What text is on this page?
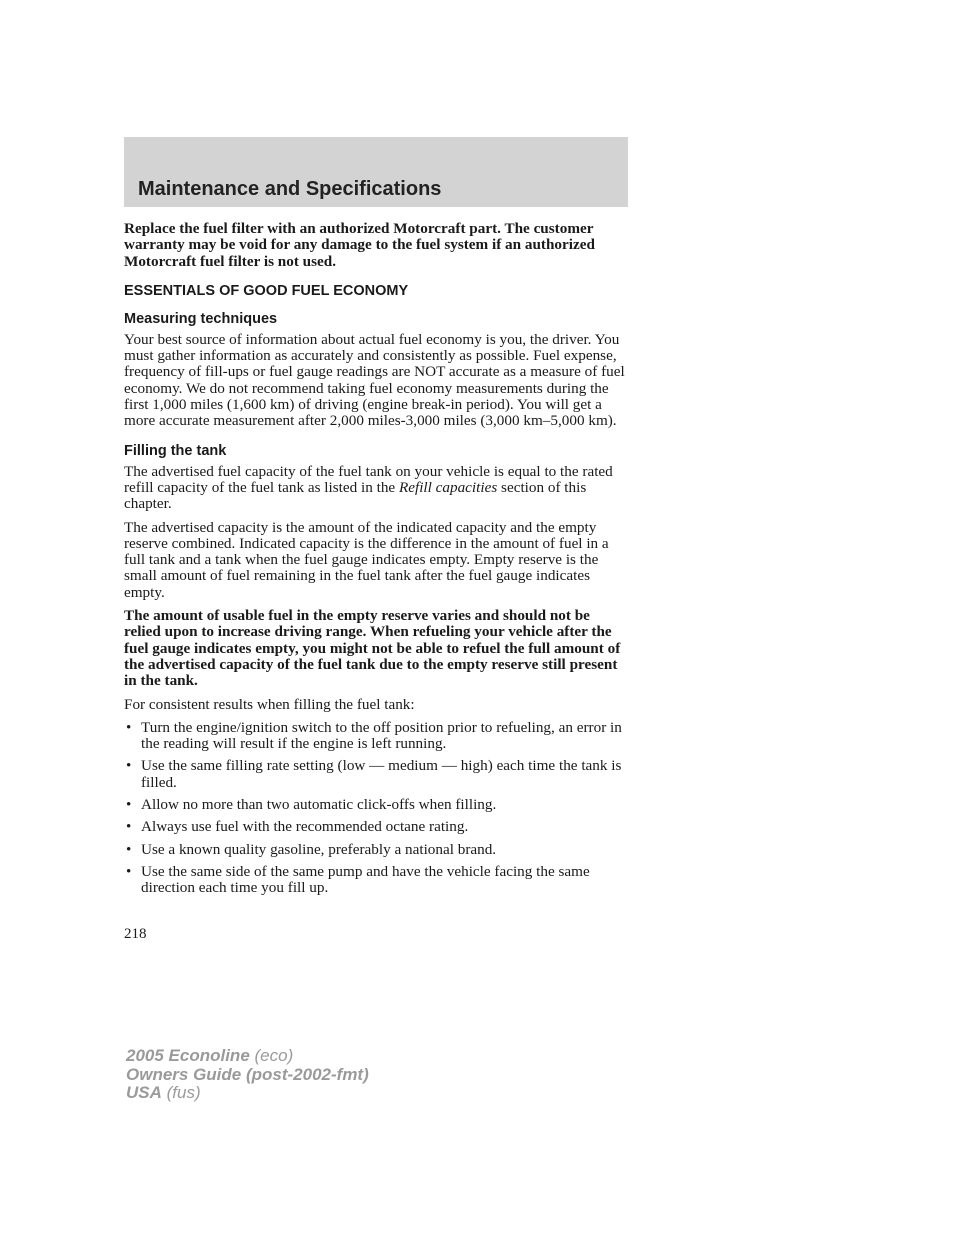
Maintenance and Specifications

Replace the fuel filter with an authorized Motorcraft part. The customer warranty may be void for any damage to the fuel system if an authorized Motorcraft fuel filter is not used.

ESSENTIALS OF GOOD FUEL ECONOMY
Measuring techniques

Your best source of information about actual fuel economy is you, the driver. You must gather information as accurately and consistently as possible. Fuel expense, frequency of fill-ups or fuel gauge readings are NOT accurate as a measure of fuel economy. We do not recommend taking fuel economy measurements during the first 1,000 miles (1,600 km) of driving (engine break-in period). You will get a more accurate measurement after 2,000 miles-3,000 miles (3,000 km–5,000 km).

Filling the tank

The advertised fuel capacity of the fuel tank on your vehicle is equal to the rated refill capacity of the fuel tank as listed in the Refill capacities section of this chapter.

The advertised capacity is the amount of the indicated capacity and the empty reserve combined. Indicated capacity is the difference in the amount of fuel in a full tank and a tank when the fuel gauge indicates empty. Empty reserve is the small amount of fuel remaining in the fuel tank after the fuel gauge indicates empty.

The amount of usable fuel in the empty reserve varies and should not be relied upon to increase driving range. When refueling your vehicle after the fuel gauge indicates empty, you might not be able to refuel the full amount of the advertised capacity of the fuel tank due to the empty reserve still present in the tank.

For consistent results when filling the fuel tank:

• Turn the engine/ignition switch to the off position prior to refueling, an error in the reading will result if the engine is left running.
• Use the same filling rate setting (low — medium — high) each time the tank is filled.
• Allow no more than two automatic click-offs when filling.
• Always use fuel with the recommended octane rating.
• Use a known quality gasoline, preferably a national brand.
• Use the same side of the same pump and have the vehicle facing the same direction each time you fill up.
218
2005 Econoline (eco)
Owners Guide (post-2002-fmt)
USA (fus)
